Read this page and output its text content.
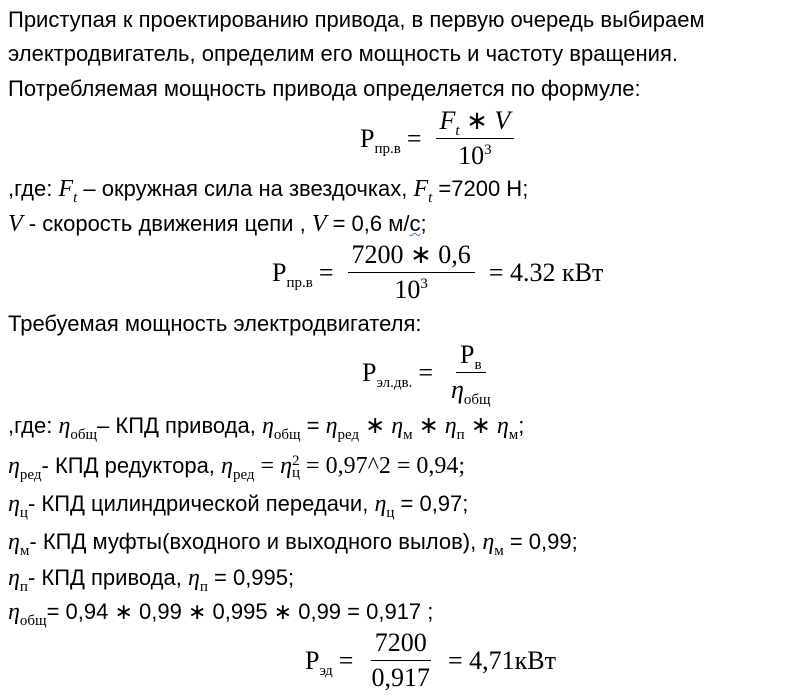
Приступая к проектированию привода, в первую очередь выбираем
электродвигатель, определим его мощность и частоту вращения.
Потребляемая мощность привода определяется по формуле:
$P_{пр.в} = \frac{F_t ∗ V}{10^3}$
,где: $F_t$ – окружная сила на звездочках, $F_t =7200$ Н;
V - скорость движения цепи , V = 0,6 м/с;
$P_{пр.в} = \frac{7200 ∗ 0,6}{10^3} = 4.32$ кВт
Требуемая мощность электродвигателя:
$P_{эл.дв.} = \frac{P_в}{\eta_{общ}}$
,где: $\eta_{общ}-$ КПД привода, $\eta_{общ} = \eta_{ред}$ ∗ $\eta_м$ ∗ $\eta_п$ ∗ $\eta_м$;
$\eta_{ред}-$ КПД редуктора, $\eta_{ред} = \eta$ 2
ц = 0,97^2 = 0,94;
$\eta_ц-$ КПД цилиндрической передачи, $\eta_ц = 0,97$;
$\eta_м-$ КПД муфты(входного и выходного вылов), $\eta_м = 0,99$;
$\eta_п-$ КПД привода, $\eta_п = 0,995$;
$\eta_{общ}= 0,94$ ∗ 0,99 ∗ 0,995 ∗ 0,99 = 0,917 ;
$P_{эд} = \frac{7200}{0,917} = 4,71кВт$
